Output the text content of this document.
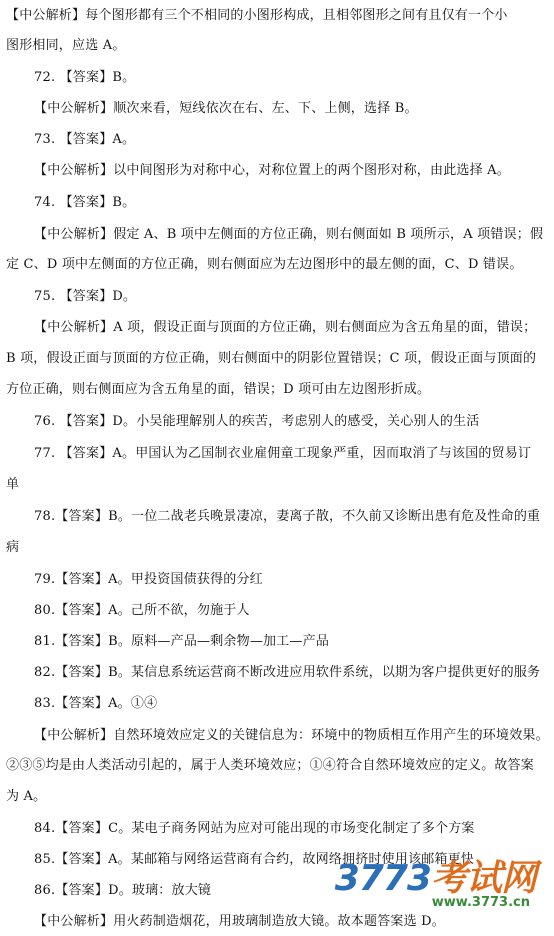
【中公解析】每个图形都有三个不相同的小图形构成，且相邻图形之间有且仅有一个小
图形相同，应选 A。
72. 【答案】B。
【中公解析】顺次来看，短线依次在右、左、下、上侧，选择 B。
73. 【答案】A。
【中公解析】以中间图形为对称中心，对称位置上的两个图形对称，由此选择 A。
74. 【答案】B。
【中公解析】假定 A、B 项中左侧面的方位正确，则右侧面如 B 项所示，A 项错误；假
定 C、D 项中左侧面的方位正确，则右侧面应为左边图形中的最左侧的面，C、D 错误。
75. 【答案】D。
【中公解析】A 项，假设正面与顶面的方位正确，则右侧面应为含五角星的面，错误；
B 项，假设正面与顶面的方位正确，则右侧面中的阴影位置错误；C 项，假设正面与顶面的
方位正确，则右侧面应为含五角星的面，错误；D 项可由左边图形折成。
76. 【答案】D。小吴能理解别人的疾苦，考虑别人的感受，关心别人的生活
77. 【答案】A。甲国认为乙国制衣业雇佣童工现象严重，因而取消了与该国的贸易订
单
78.【答案】B。一位二战老兵晚景凄凉，妻离子散，不久前又诊断出患有危及性命的重
病
79.【答案】A。甲投资国债获得的分红
80.【答案】A。己所不欲，勿施于人
81.【答案】B。原料—产品—剩余物—加工—产品
82.【答案】B。某信息系统运营商不断改进应用软件系统，以期为客户提供更好的服务
83.【答案】A。①④
【中公解析】自然环境效应定义的关键信息为：环境中的物质相互作用产生的环境效果。
②③⑤均是由人类活动引起的，属于人类环境效应；①④符合自然环境效应的定义。故答案
为 A。
84.【答案】C。某电子商务网站为应对可能出现的市场变化制定了多个方案
85.【答案】A。某邮箱与网络运营商有合约，故网络拥挤时使用该邮箱更快
86.【答案】D。玻璃：放大镜
【中公解析】用火药制造烟花，用玻璃制造放大镜。故本题答案选 D。
3773考试网
www.3773.cn
